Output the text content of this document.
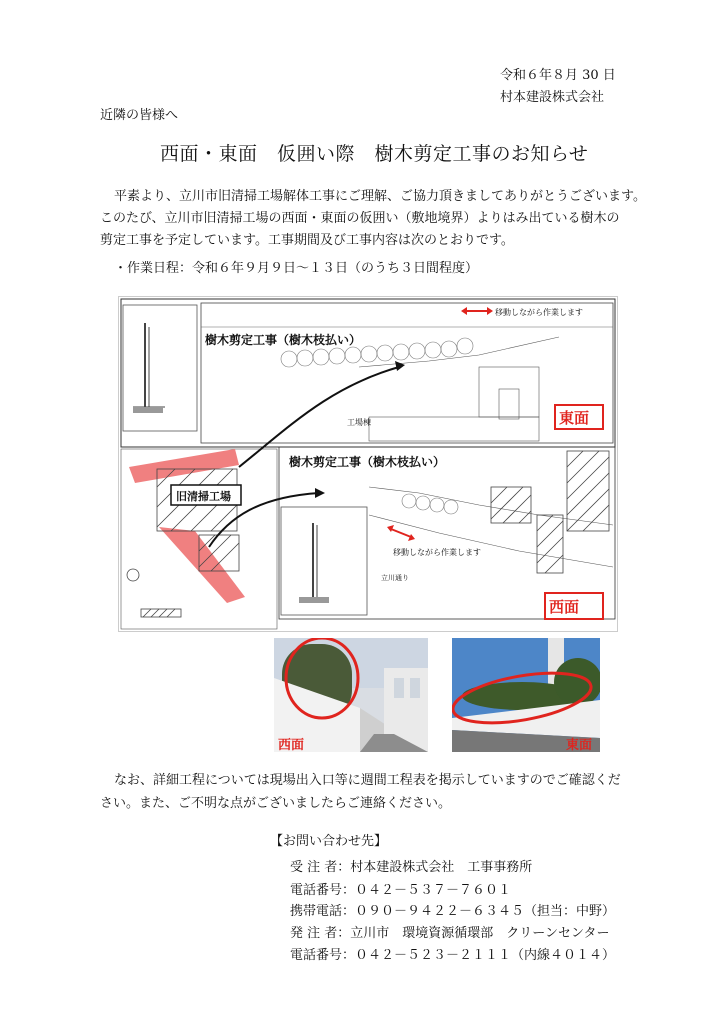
令和６年８月 30 日
村本建設株式会社
近隣の皆様へ
西面・東面　仮囲い際　樹木剪定工事のお知らせ
平素より、立川市旧清掃工場解体工事にご理解、ご協力頂きましてありがとうございます。
このたび、立川市旧清掃工場の西面・東面の仮囲い（敷地境界）よりはみ出ている樹木の
剪定工事を予定しています。工事期間及び工事内容は次のとおりです。
・作業日程：令和６年９月９日～１３日（のうち３日間程度）
樹木剪定工事（樹木枝払い）
移動しながら作業します
工場棟	東面
樹木剪定工事（樹木枝払い）
移動しながら作業します
立川通り
西面
旧清掃工場
西面	東面
なお、詳細工程については現場出入口等に週間工程表を掲示していますのでご確認くだ
さい。また、ご不明な点がございましたらご連絡ください。
【お問い合わせ先】
受 注 者：村本建設株式会社　工事事務所
電話番号：０４２－５３７－７６０１
携帯電話：０９０－９４２２－６３４５（担当：中野）
発 注 者：立川市　環境資源循環部　クリーンセンター
電話番号：０４２－５２３－２１１１（内線４０１４）
